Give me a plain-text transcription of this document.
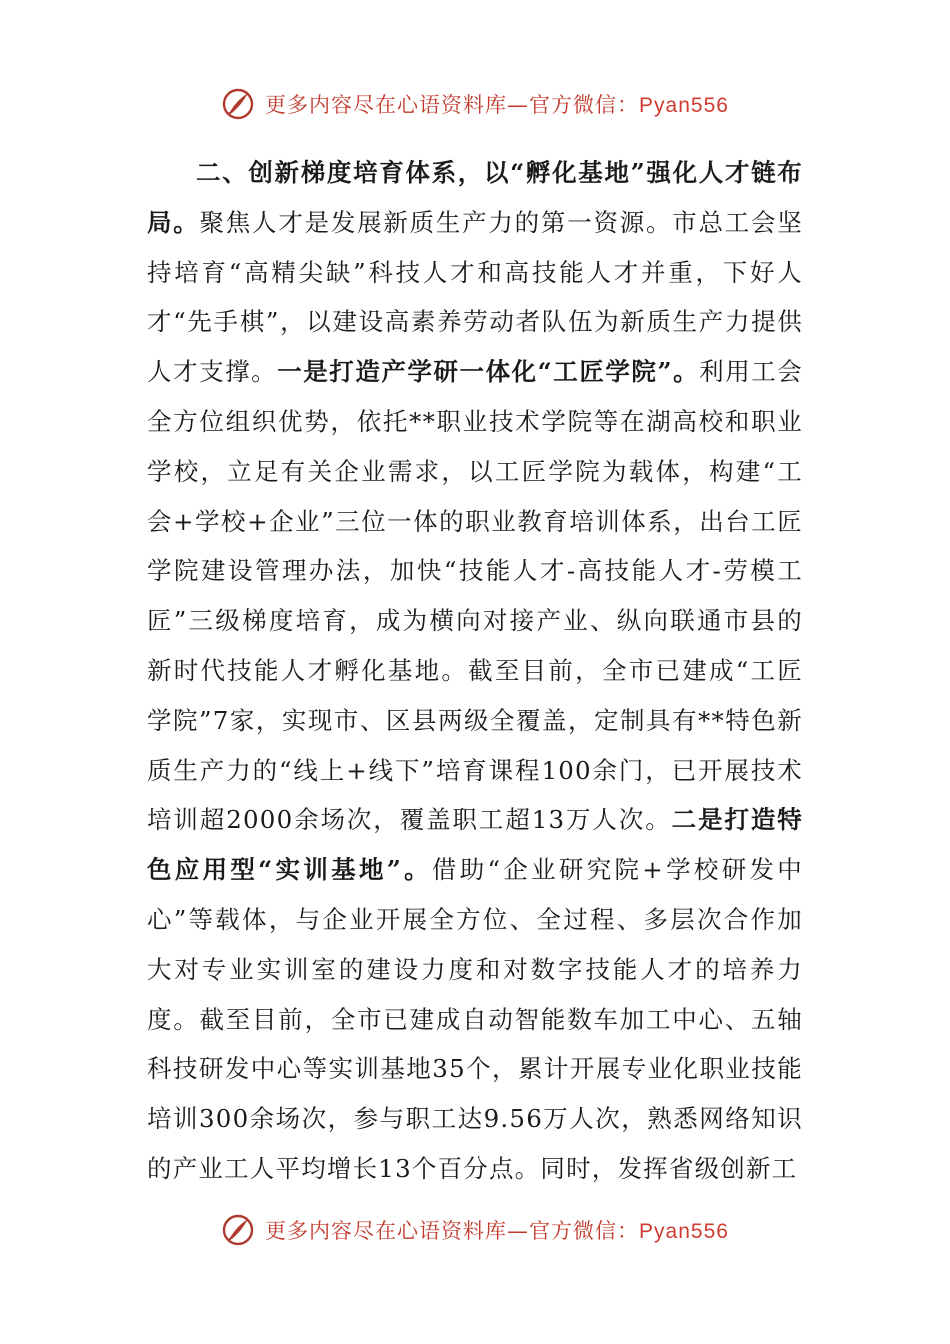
更多内容尽在心语资料库—官方微信：Pyan556

二、创新梯度培育体系，以“孵化基地”强化人才链布局。聚焦人才是发展新质生产力的第一资源。市总工会坚持培育“高精尖缺”科技人才和高技能人才并重，下好人才“先手棋”，以建设高素养劳动者队伍为新质生产力提供人才支撑。一是打造产学研一体化“工匠学院”。利用工会全方位组织优势，依托**职业技术学院等在湖高校和职业学校，立足有关企业需求，以工匠学院为载体，构建“工会+学校+企业”三位一体的职业教育培训体系，出台工匠学院建设管理办法，加快“技能人才-高技能人才-劳模工匠”三级梯度培育，成为横向对接产业、纵向联通市县的新时代技能人才孵化基地。截至目前，全市已建成“工匠学院”7家，实现市、区县两级全覆盖，定制具有**特色新质生产力的“线上+线下”培育课程100余门，已开展技术培训超2000余场次，覆盖职工超13万人次。二是打造特色应用型“实训基地”。借助“企业研究院+学校研发中心”等载体，与企业开展全方位、全过程、多层次合作加大对专业实训室的建设力度和对数字技能人才的培养力度。截至目前，全市已建成自动智能数车加工中心、五轴科技研发中心等实训基地35个，累计开展专业化职业技能培训300余场次，参与职工达9.56万人次，熟悉网络知识的产业工人平均增长13个百分点。同时，发挥省级创新工

更多内容尽在心语资料库—官方微信：Pyan556
